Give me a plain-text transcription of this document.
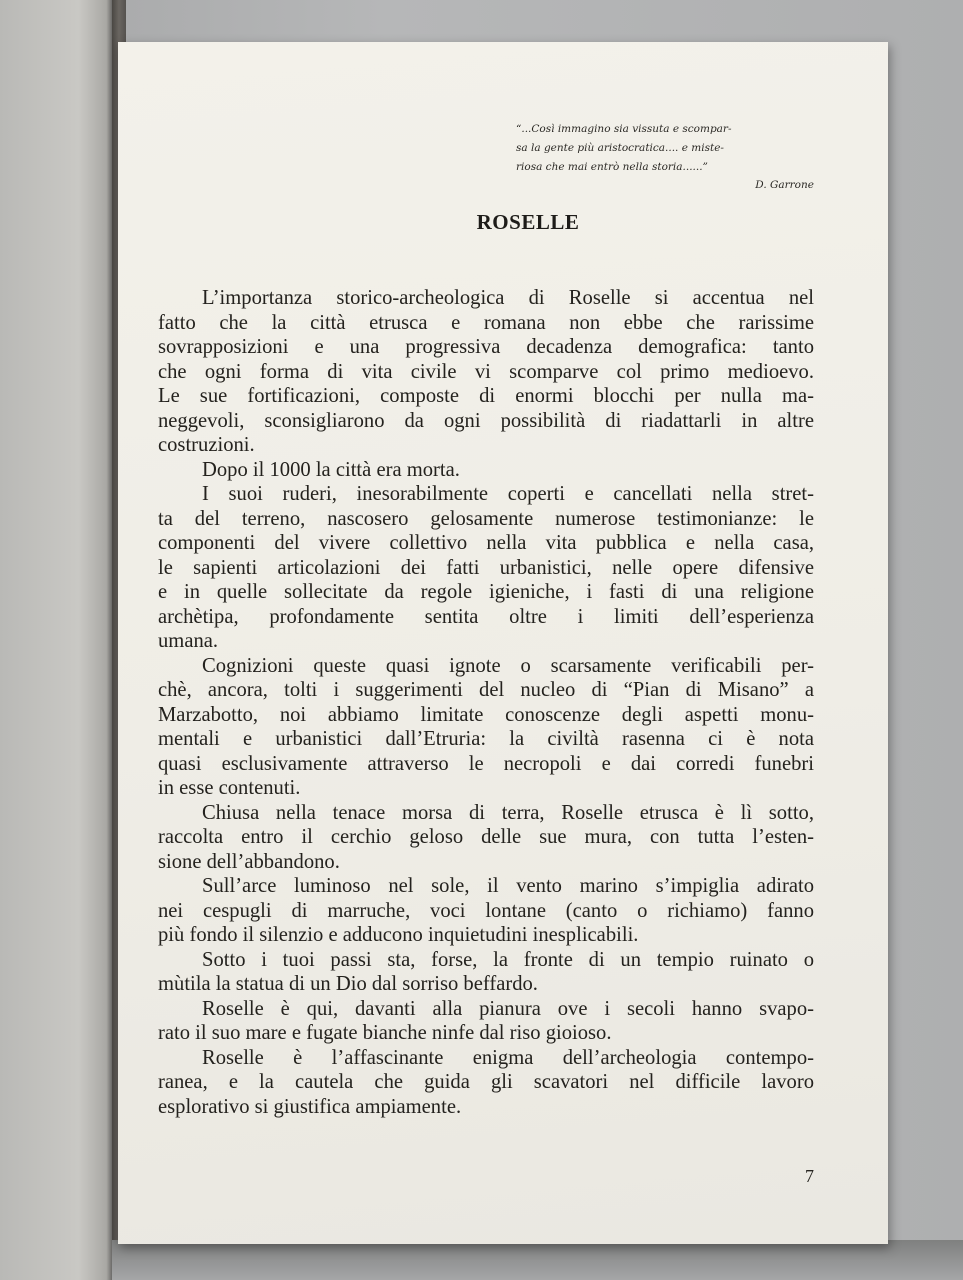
“...Così immagino sia vissuta e scompar-
sa la gente più aristocratica.... e miste-
riosa che mai entrò nella storia......”
D. Garrone
ROSELLE
L’importanza storico-archeologica di Roselle si accentua nel
fatto che la città etrusca e romana non ebbe che rarissime
sovrapposizioni e una progressiva decadenza demografica: tanto
che ogni forma di vita civile vi scomparve col primo medioevo.
Le sue fortificazioni, composte di enormi blocchi per nulla ma-
neggevoli, sconsigliarono da ogni possibilità di riadattarli in altre
costruzioni.
Dopo il 1000 la città era morta.
I suoi ruderi, inesorabilmente coperti e cancellati nella stret-
ta del terreno, nascosero gelosamente numerose testimonianze: le
componenti del vivere collettivo nella vita pubblica e nella casa,
le sapienti articolazioni dei fatti urbanistici, nelle opere difensive
e in quelle sollecitate da regole igieniche, i fasti di una religione
archètipa, profondamente sentita oltre i limiti dell’esperienza
umana.
Cognizioni queste quasi ignote o scarsamente verificabili per-
chè, ancora, tolti i suggerimenti del nucleo di “Pian di Misano” a
Marzabotto, noi abbiamo limitate conoscenze degli aspetti monu-
mentali e urbanistici dall’Etruria: la civiltà rasenna ci è nota
quasi esclusivamente attraverso le necropoli e dai corredi funebri
in esse contenuti.
Chiusa nella tenace morsa di terra, Roselle etrusca è lì sotto,
raccolta entro il cerchio geloso delle sue mura, con tutta l’esten-
sione dell’abbandono.
Sull’arce luminoso nel sole, il vento marino s’impiglia adirato
nei cespugli di marruche, voci lontane (canto o richiamo) fanno
più fondo il silenzio e adducono inquietudini inesplicabili.
Sotto i tuoi passi sta, forse, la fronte di un tempio ruinato o
mùtila la statua di un Dio dal sorriso beffardo.
Roselle è qui, davanti alla pianura ove i secoli hanno svapo-
rato il suo mare e fugate bianche ninfe dal riso gioioso.
Roselle è l’affascinante enigma dell’archeologia contempo-
ranea, e la cautela che guida gli scavatori nel difficile lavoro
esplorativo si giustifica ampiamente.
7
